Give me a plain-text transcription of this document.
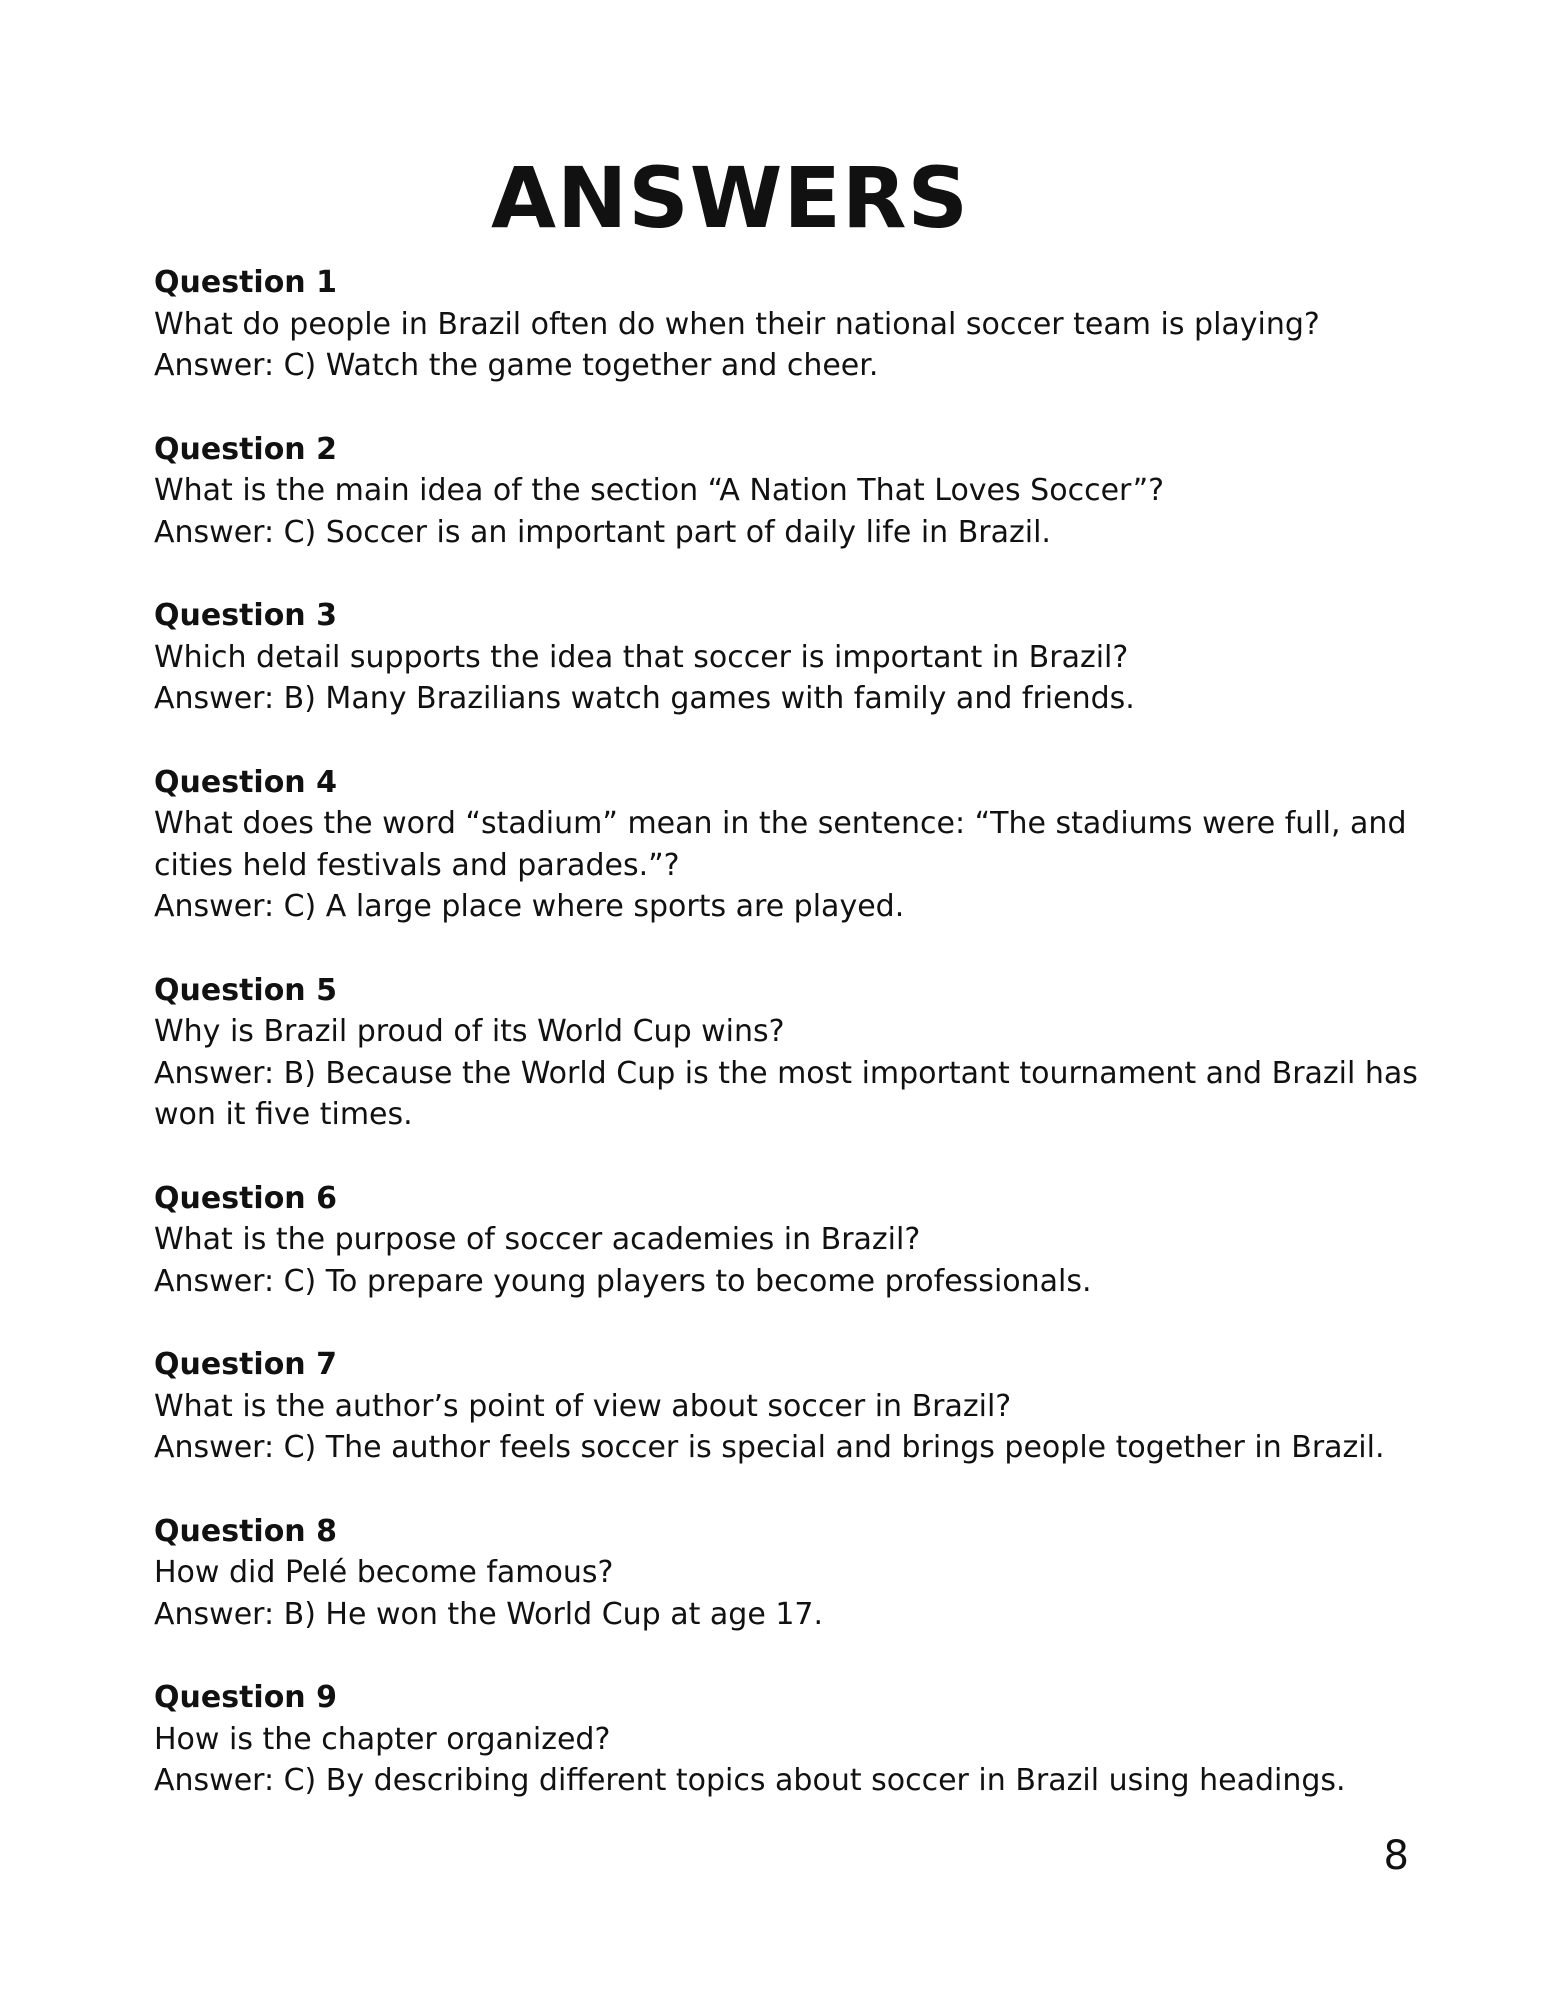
ANSWERS
Question 1
What do people in Brazil often do when their national soccer team is playing?
Answer: C) Watch the game together and cheer.
Question 2
What is the main idea of the section “A Nation That Loves Soccer”?
Answer: C) Soccer is an important part of daily life in Brazil.
Question 3
Which detail supports the idea that soccer is important in Brazil?
Answer: B) Many Brazilians watch games with family and friends.
Question 4
What does the word “stadium” mean in the sentence: “The stadiums were full, and cities held festivals and parades.”?
Answer: C) A large place where sports are played.
Question 5
Why is Brazil proud of its World Cup wins?
Answer: B) Because the World Cup is the most important tournament and Brazil has won it five times.
Question 6
What is the purpose of soccer academies in Brazil?
Answer: C) To prepare young players to become professionals.
Question 7
What is the author’s point of view about soccer in Brazil?
Answer: C) The author feels soccer is special and brings people together in Brazil.
Question 8
How did Pelé become famous?
Answer: B) He won the World Cup at age 17.
Question 9
How is the chapter organized?
Answer: C) By describing different topics about soccer in Brazil using headings.
8
